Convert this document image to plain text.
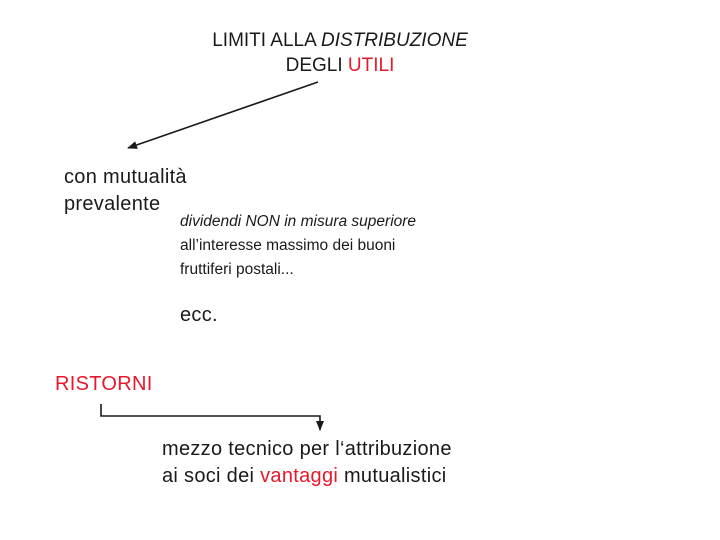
LIMITI ALLA DISTRIBUZIONE
DEGLI UTILI
con mutualità
prevalente
dividendi NON in misura superiore
all’interesse massimo dei buoni
fruttiferi postali...
ecc.
RISTORNI
mezzo tecnico per l‘attribuzione
ai soci dei vantaggi mutualistici
